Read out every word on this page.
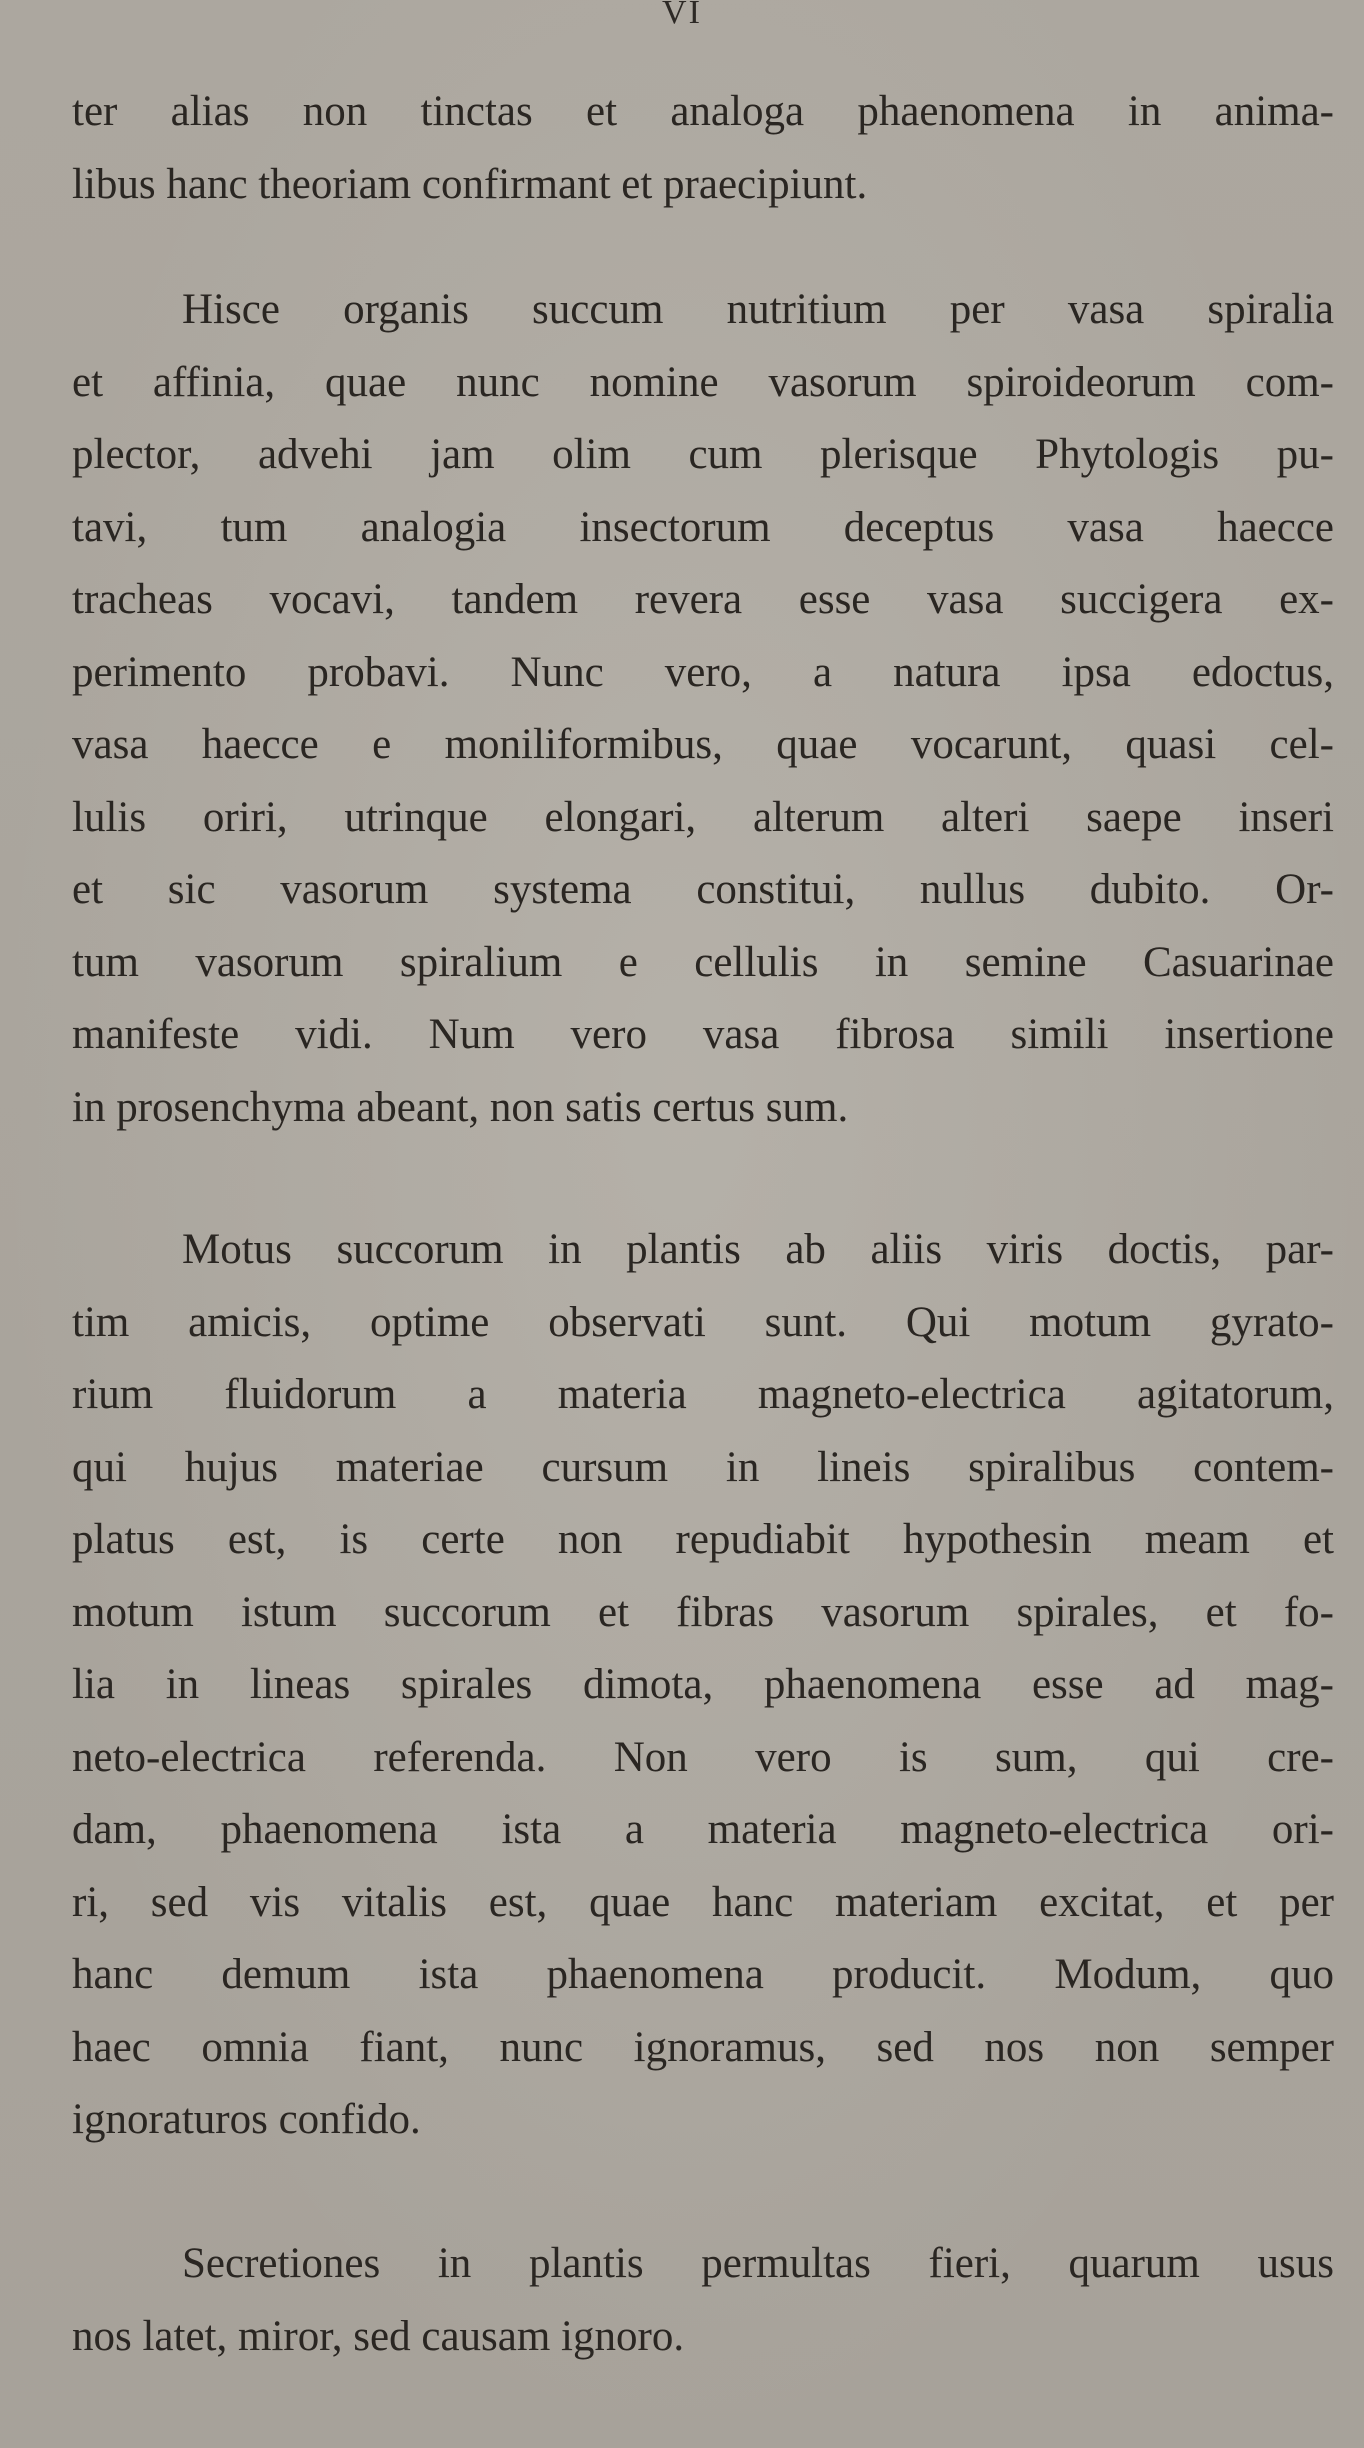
VI
ter alias non tinctas et analoga phaenomena in anima-
libus hanc theoriam confirmant et praecipiunt.
Hisce organis succum nutritium per vasa spiralia
et affinia, quae nunc nomine vasorum spiroideorum com-
plector, advehi jam olim cum plerisque Phytologis pu-
tavi, tum analogia insectorum deceptus vasa haecce
tracheas vocavi, tandem revera esse vasa succigera ex-
perimento probavi. Nunc vero, a natura ipsa edoctus,
vasa haecce e moniliformibus, quae vocarunt, quasi cel-
lulis oriri, utrinque elongari, alterum alteri saepe inseri
et sic vasorum systema constitui, nullus dubito. Or-
tum vasorum spiralium e cellulis in semine Casuarinae
manifeste vidi. Num vero vasa fibrosa simili insertione
in prosenchyma abeant, non satis certus sum.
Motus succorum in plantis ab aliis viris doctis, par-
tim amicis, optime observati sunt. Qui motum gyrato-
rium fluidorum a materia magneto-electrica agitatorum,
qui hujus materiae cursum in lineis spiralibus contem-
platus est, is certe non repudiabit hypothesin meam et
motum istum succorum et fibras vasorum spirales, et fo-
lia in lineas spirales dimota, phaenomena esse ad mag-
neto-electrica referenda. Non vero is sum, qui cre-
dam, phaenomena ista a materia magneto-electrica ori-
ri, sed vis vitalis est, quae hanc materiam excitat, et per
hanc demum ista phaenomena producit. Modum, quo
haec omnia fiant, nunc ignoramus, sed nos non semper
ignoraturos confido.
Secretiones in plantis permultas fieri, quarum usus
nos latet, miror, sed causam ignoro.
